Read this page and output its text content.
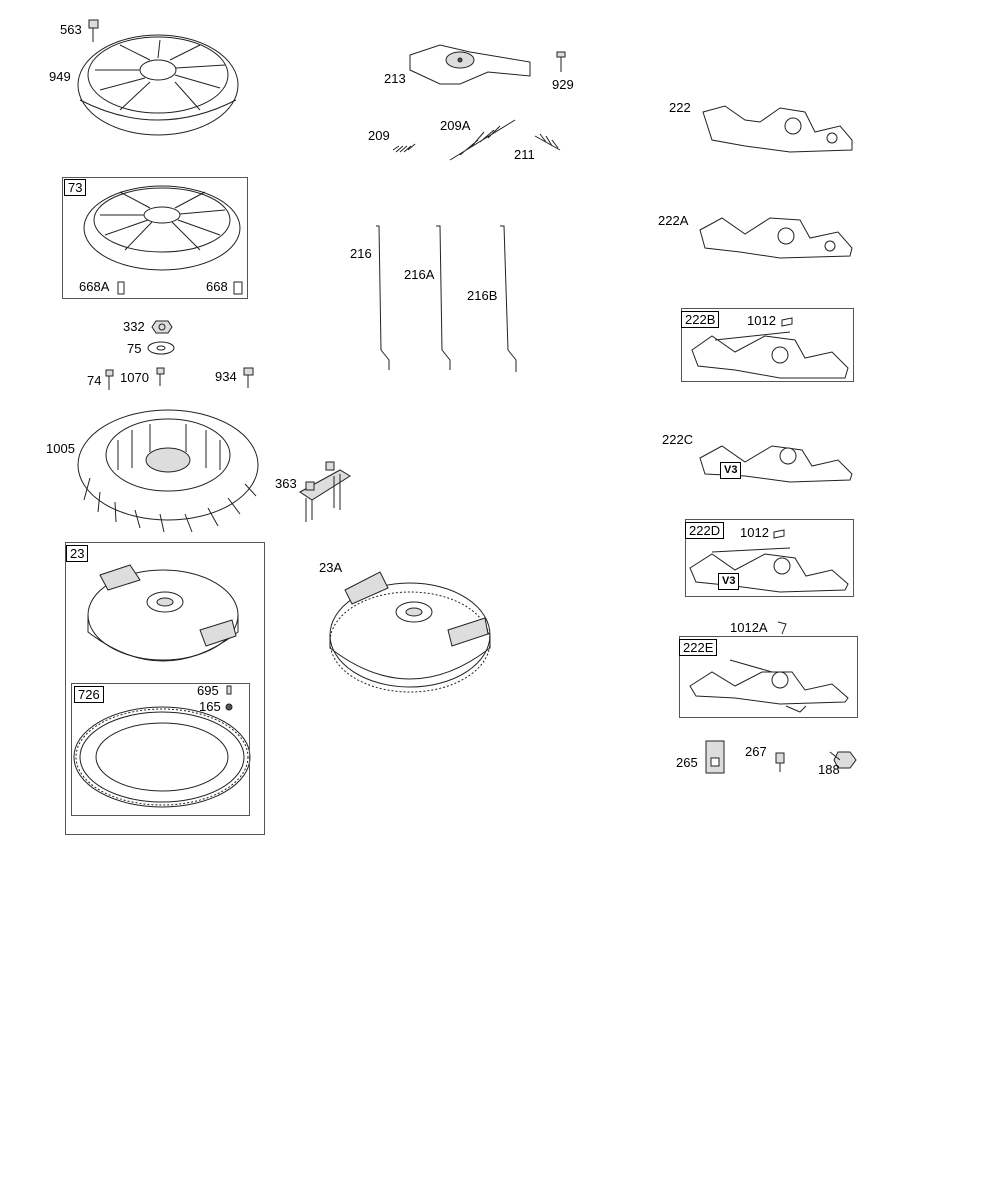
563
949
73
668A	668
332
75
74 1070	934
1005
363
23
726	695
165
23A
213	929
209
209A
211
216
216A
216B
222
222A
222B	1012
222C
V3
222D	1012
V3
1012A
222E
265
267
188
